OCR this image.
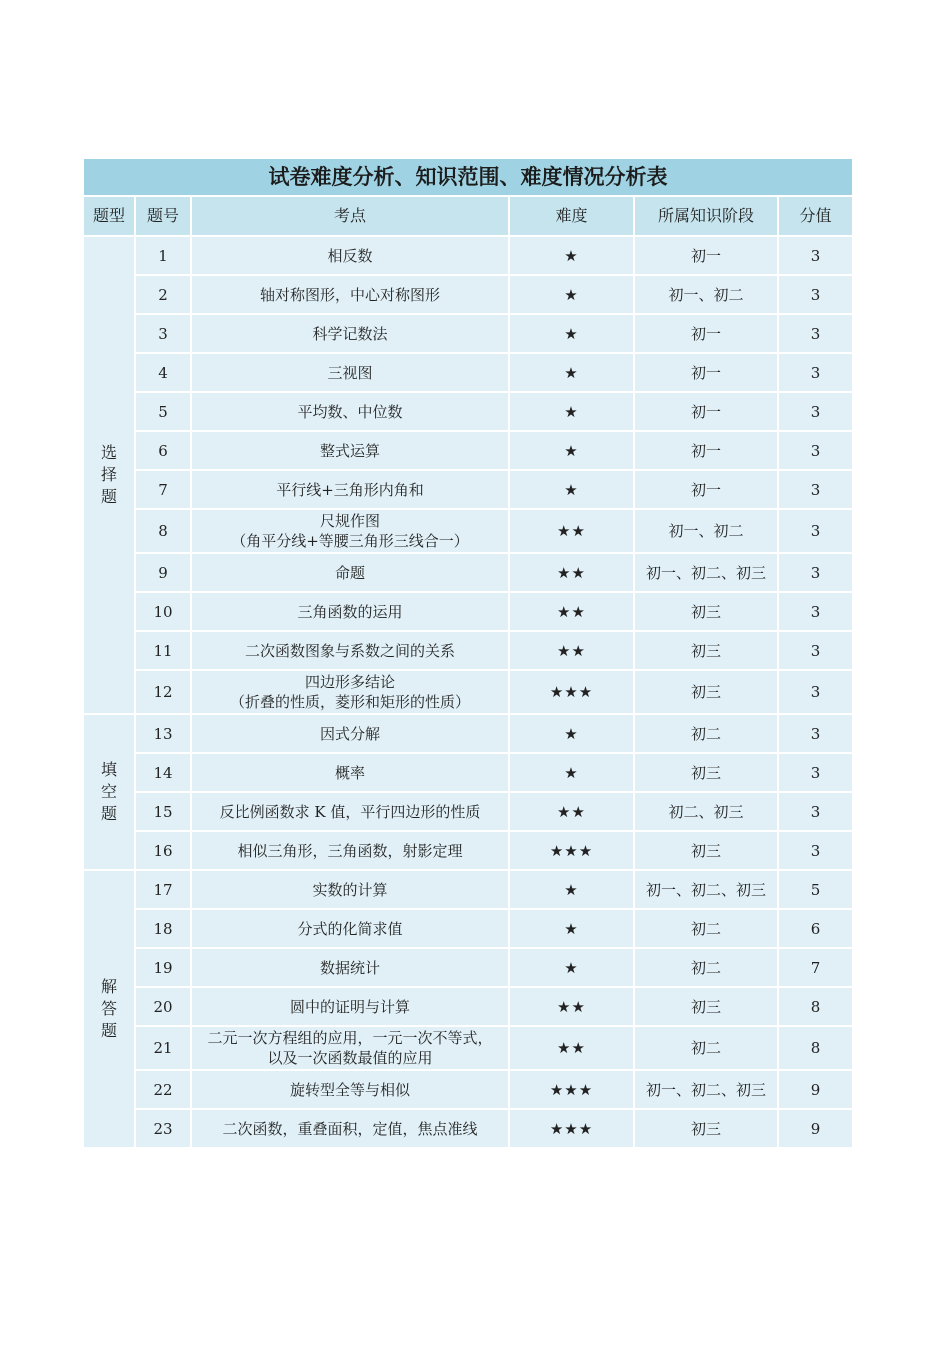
试卷难度分析、知识范围、难度情况分析表					
题型	题号	考点	难度	所属知识阶段	分值
选择题	1	相反数	★	初一	3
	2	轴对称图形，中心对称图形	★	初一、初二	3
	3	科学记数法	★	初一	3
	4	三视图	★	初一	3
	5	平均数、中位数	★	初一	3
	6	整式运算	★	初一	3
	7	平行线+三角形内角和	★	初一	3
	8	尺规作图
（角平分线+等腰三角形三线合一）	★★	初一、初二	3
	9	命题	★★	初一、初二、初三	3
	10	三角函数的运用	★★	初三	3
	11	二次函数图象与系数之间的关系	★★	初三	3
	12	四边形多结论
（折叠的性质，菱形和矩形的性质）	★★★	初三	3
填空题	13	因式分解	★	初二	3
	14	概率	★	初三	3
	15	反比例函数求 K 值，平行四边形的性质	★★	初二、初三	3
	16	相似三角形，三角函数，射影定理	★★★	初三	3
解答题	17	实数的计算	★	初一、初二、初三	5
	18	分式的化简求值	★	初二	6
	19	数据统计	★	初二	7
	20	圆中的证明与计算	★★	初三	8
	21	二元一次方程组的应用，一元一次不等式，
以及一次函数最值的应用	★★	初二	8
	22	旋转型全等与相似	★★★	初一、初二、初三	9
	23	二次函数，重叠面积，定值，焦点准线	★★★	初三	9
